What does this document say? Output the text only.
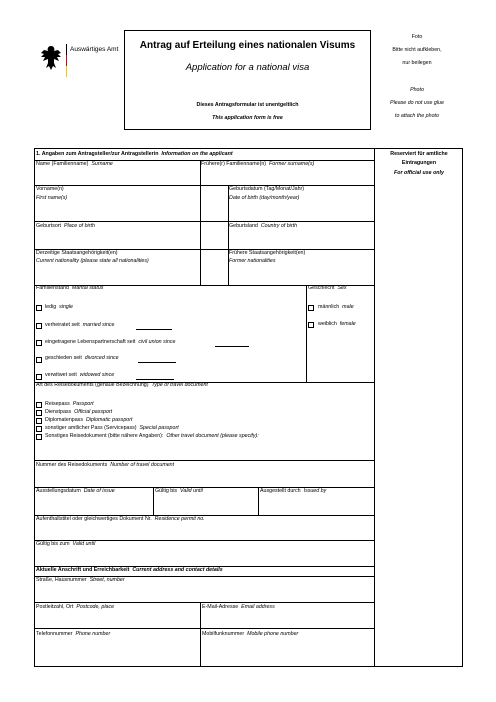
Auswärtiges Amt	Antrag auf Erteilung eines nationalen Visums
Application for a national visa
Dieses Antragsformular ist unentgeltlich
This application form is free
Foto
Bitte nicht aufkleben,
nur beilegen
Photo
Please do not use glue
to attach the photo
Reserviert für amtliche
Eintragungen
For official use only
1. Angaben zum Antragsteller/zur Antragstellerin Information on the applicant
Name (Familienname) Surname	Frühere(r) Familienname(n) Former surname(s)
Vorname(n)
First name(s)
Geburtsdatum (Tag/Monat/Jahr)
Date of birth (day/month/year)
Geburtsort Place of birth	Geburtsland Country of birth
Derzeitige Staatsangehörigkeit(en)
Current nationality (please state all nationalities)
Frühere Staatsangehörigkeit(en)
Former nationalities
Familienstand Marital status	Geschlecht Sex
ledig single
verheiratet seit married since
eingetragene Lebenspartnerschaft seit civil union since
geschieden seit divorced since
verwitwet seit widowed since
männlich male
weiblich female
Art des Reisedokuments (genaue Bezeichnung) Type of travel document
Reisepass Passport
Dienstpass Official passport
Diplomatenpass Diplomatic passport
sonstiger amtlicher Pass (Servicepass) Special passport
Sonstiges Reisedokument (bitte nähere Angaben): Other travel document (please specify):
Nummer des Reisedokuments Number of travel document
Ausstellungsdatum Date of issue	Gültig bis Valid until	Ausgestellt durch Issued by
Aufenthaltstitel oder gleichwertiges Dokument Nr. Residence permit no.
Gültig bis zum Valid until
Aktuelle Anschrift und Erreichbarkeit Current address and contact details
Straße, Hausnummer Street, number
Postleitzahl, Ort Postcode, place	E-Mail-Adresse Email address
Telefonnummer Phone number	Mobilfunknummer Mobile phone number
